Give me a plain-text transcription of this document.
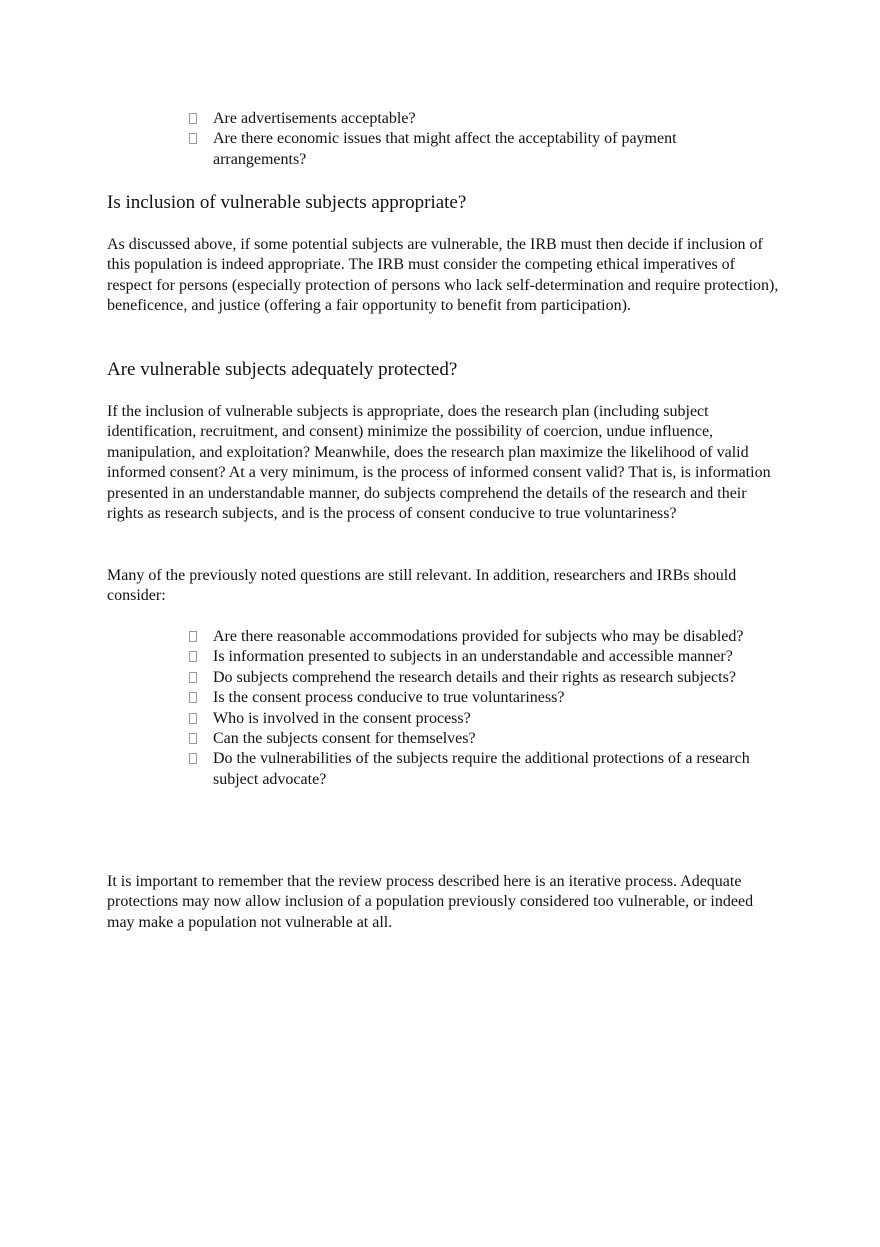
Are advertisements acceptable?
Are there economic issues that might affect the acceptability of payment arrangements?
Is inclusion of vulnerable subjects appropriate?

As discussed above, if some potential subjects are vulnerable, the IRB must then decide if inclusion of this population is indeed appropriate. The IRB must consider the competing ethical imperatives of respect for persons (especially protection of persons who lack self-determination and require protection), beneficence, and justice (offering a fair opportunity to benefit from participation).

Are vulnerable subjects adequately protected?

If the inclusion of vulnerable subjects is appropriate, does the research plan (including subject identification, recruitment, and consent) minimize the possibility of coercion, undue influence, manipulation, and exploitation? Meanwhile, does the research plan maximize the likelihood of valid informed consent? At a very minimum, is the process of informed consent valid? That is, is information presented in an understandable manner, do subjects comprehend the details of the research and their rights as research subjects, and is the process of consent conducive to true voluntariness?

Many of the previously noted questions are still relevant. In addition, researchers and IRBs should consider:

Are there reasonable accommodations provided for subjects who may be disabled?
Is information presented to subjects in an understandable and accessible manner?
Do subjects comprehend the research details and their rights as research subjects?
Is the consent process conducive to true voluntariness?
Who is involved in the consent process?
Can the subjects consent for themselves?
Do the vulnerabilities of the subjects require the additional protections of a research subject advocate?

It is important to remember that the review process described here is an iterative process. Adequate protections may now allow inclusion of a population previously considered too vulnerable, or indeed may make a population not vulnerable at all.
